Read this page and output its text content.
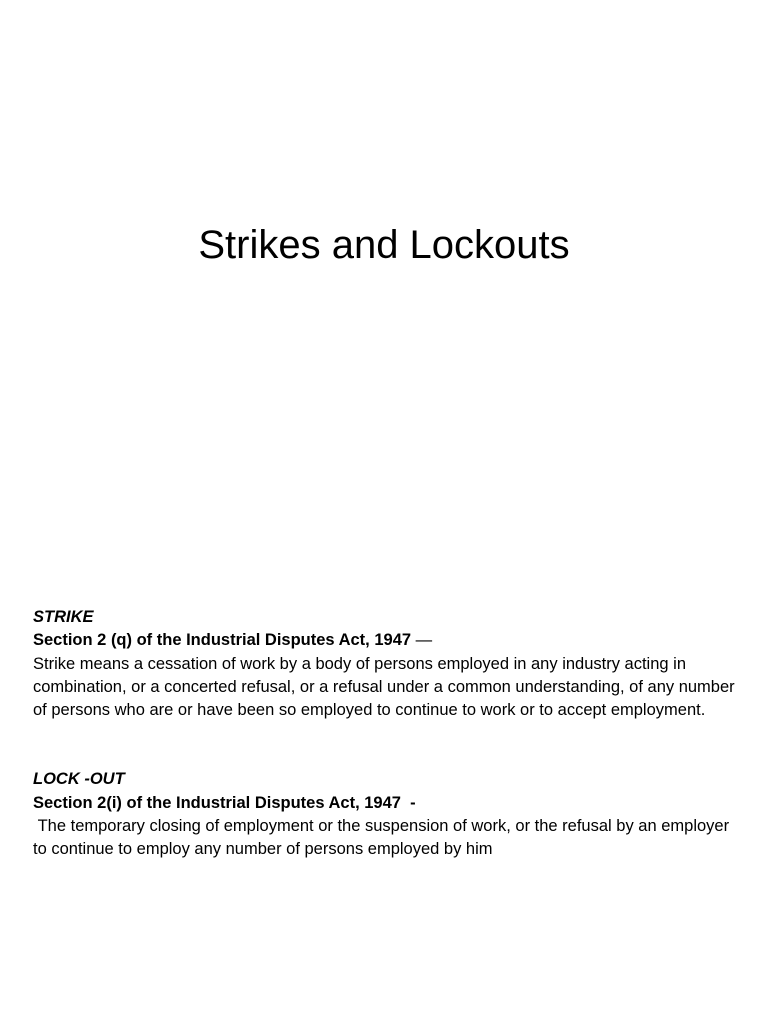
Strikes and Lockouts

STRIKE

Section 2 (q) of the Industrial Disputes Act, 1947 —

Strike means a cessation of work by a body of persons employed in any industry acting in combination, or a concerted refusal, or a refusal under a common understanding, of any number of persons who are or have been so employed to continue to work or to accept employment.

LOCK -OUT

Section 2(i) of the Industrial Disputes Act, 1947  -

The temporary closing of employment or the suspension of work, or the refusal by an employer to continue to employ any number of persons employed by him
